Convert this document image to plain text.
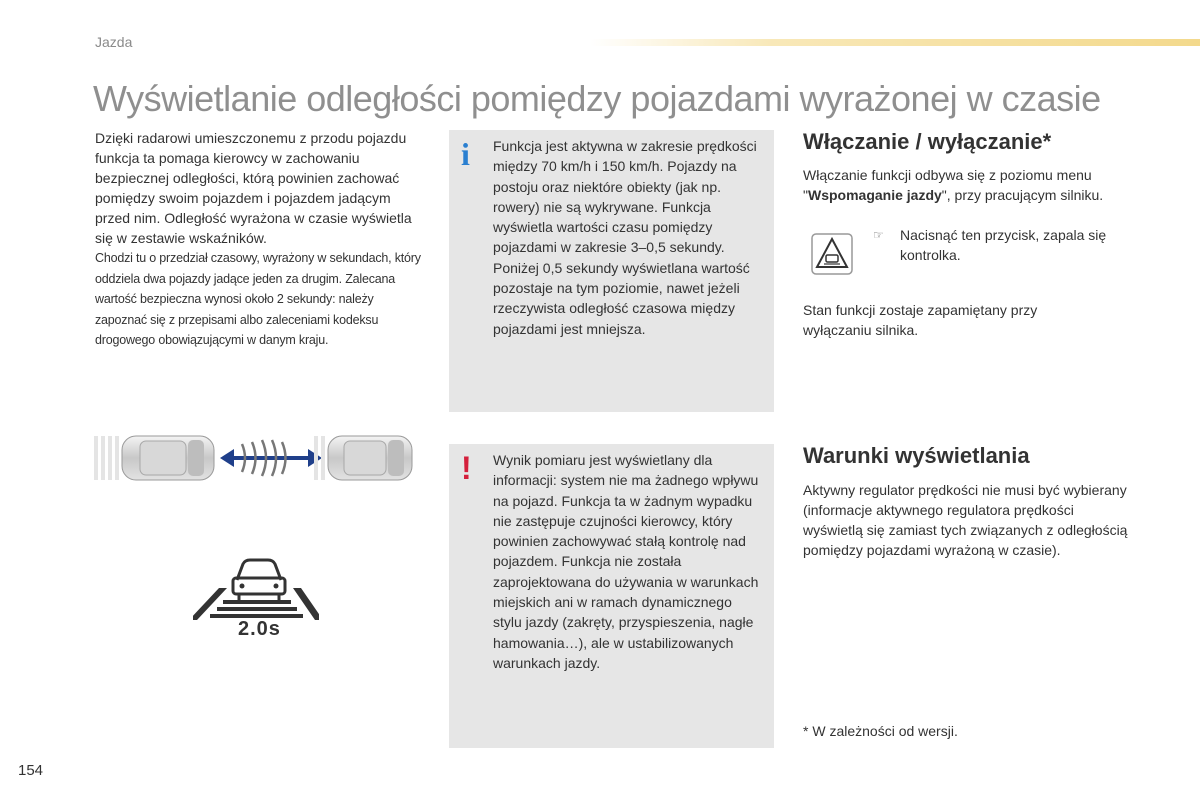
Jazda
Wyświetlanie odległości pomiędzy pojazdami wyrażonej w czasie
Dzięki radarowi umieszczonemu z przodu pojazdu funkcja ta pomaga kierowcy w zachowaniu bezpiecznej odległości, którą powinien zachować pomiędzy swoim pojazdem i pojazdem jadącym przed nim. Odległość wyrażona w czasie wyświetla się w zestawie wskaźników.
Chodzi tu o przedział czasowy, wyrażony w sekundach, który oddziela dwa pojazdy jadące jeden za drugim. Zalecana wartość bezpieczna wynosi około 2 sekundy: należy zapoznać się z przepisami albo zaleceniami kodeksu drogowego obowiązującymi w danym kraju.
2.0s
i Funkcja jest aktywna w zakresie prędkości między 70 km/h i 150 km/h. Pojazdy na postoju oraz niektóre obiekty (jak np. rowery) nie są wykrywane. Funkcja wyświetla wartości czasu pomiędzy pojazdami w zakresie 3–0,5 sekundy. Poniżej 0,5 sekundy wyświetlana wartość pozostaje na tym poziomie, nawet jeżeli rzeczywista odległość czasowa między pojazdami jest mniejsza.
! Wynik pomiaru jest wyświetlany dla informacji: system nie ma żadnego wpływu na pojazd. Funkcja ta w żadnym wypadku nie zastępuje czujności kierowcy, który powinien zachowywać stałą kontrolę nad pojazdem. Funkcja nie została zaprojektowana do używania w warunkach miejskich ani w ramach dynamicznego stylu jazdy (zakręty, przyspieszenia, nagłe hamowania…), ale w ustabilizowanych warunkach jazdy.
Włączanie / wyłączanie*
Włączanie funkcji odbywa się z poziomu menu "Wspomaganie jazdy", przy pracującym silniku.
☞ Nacisnąć ten przycisk, zapala się kontrolka.
Stan funkcji zostaje zapamiętany przy wyłączaniu silnika.
Warunki wyświetlania
Aktywny regulator prędkości nie musi być wybierany (informacje aktywnego regulatora prędkości wyświetlą się zamiast tych związanych z odległością pomiędzy pojazdami wyrażoną w czasie).
* W zależności od wersji.
154
